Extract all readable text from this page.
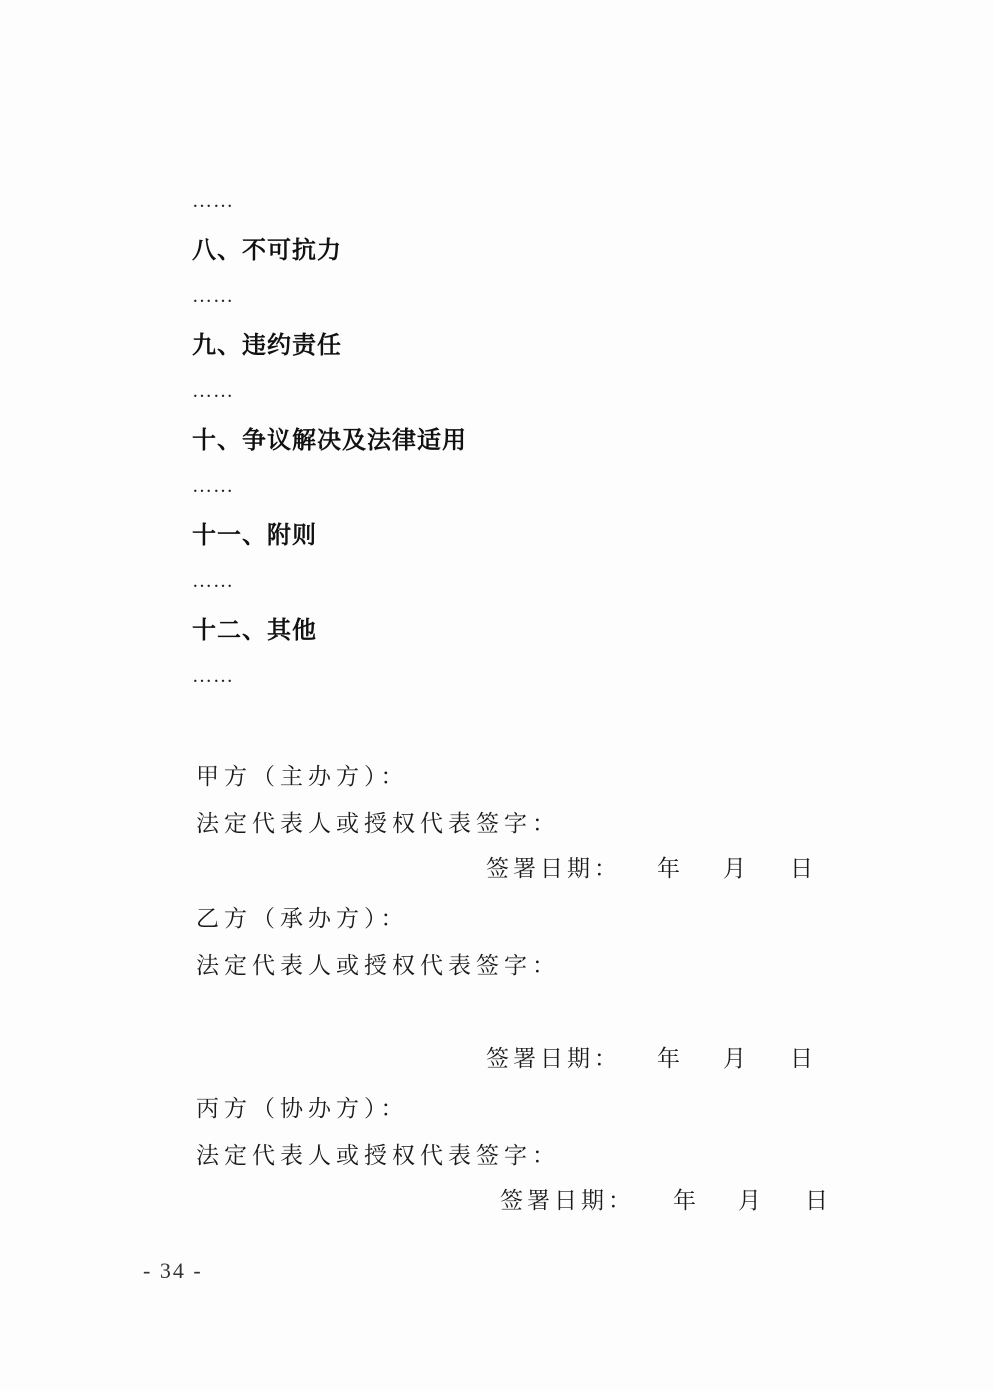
……
八、不可抗力
……
九、违约责任
……
十、争议解决及法律适用
……
十一、附则
……
十二、其他
……
甲方（主办方）：
法定代表人或授权代表签字：
签署日期： 年 月 日
乙方（承办方）：
法定代表人或授权代表签字：
签署日期： 年 月 日
丙方（协办方）：
法定代表人或授权代表签字：
签署日期： 年 月 日
- 34 -
